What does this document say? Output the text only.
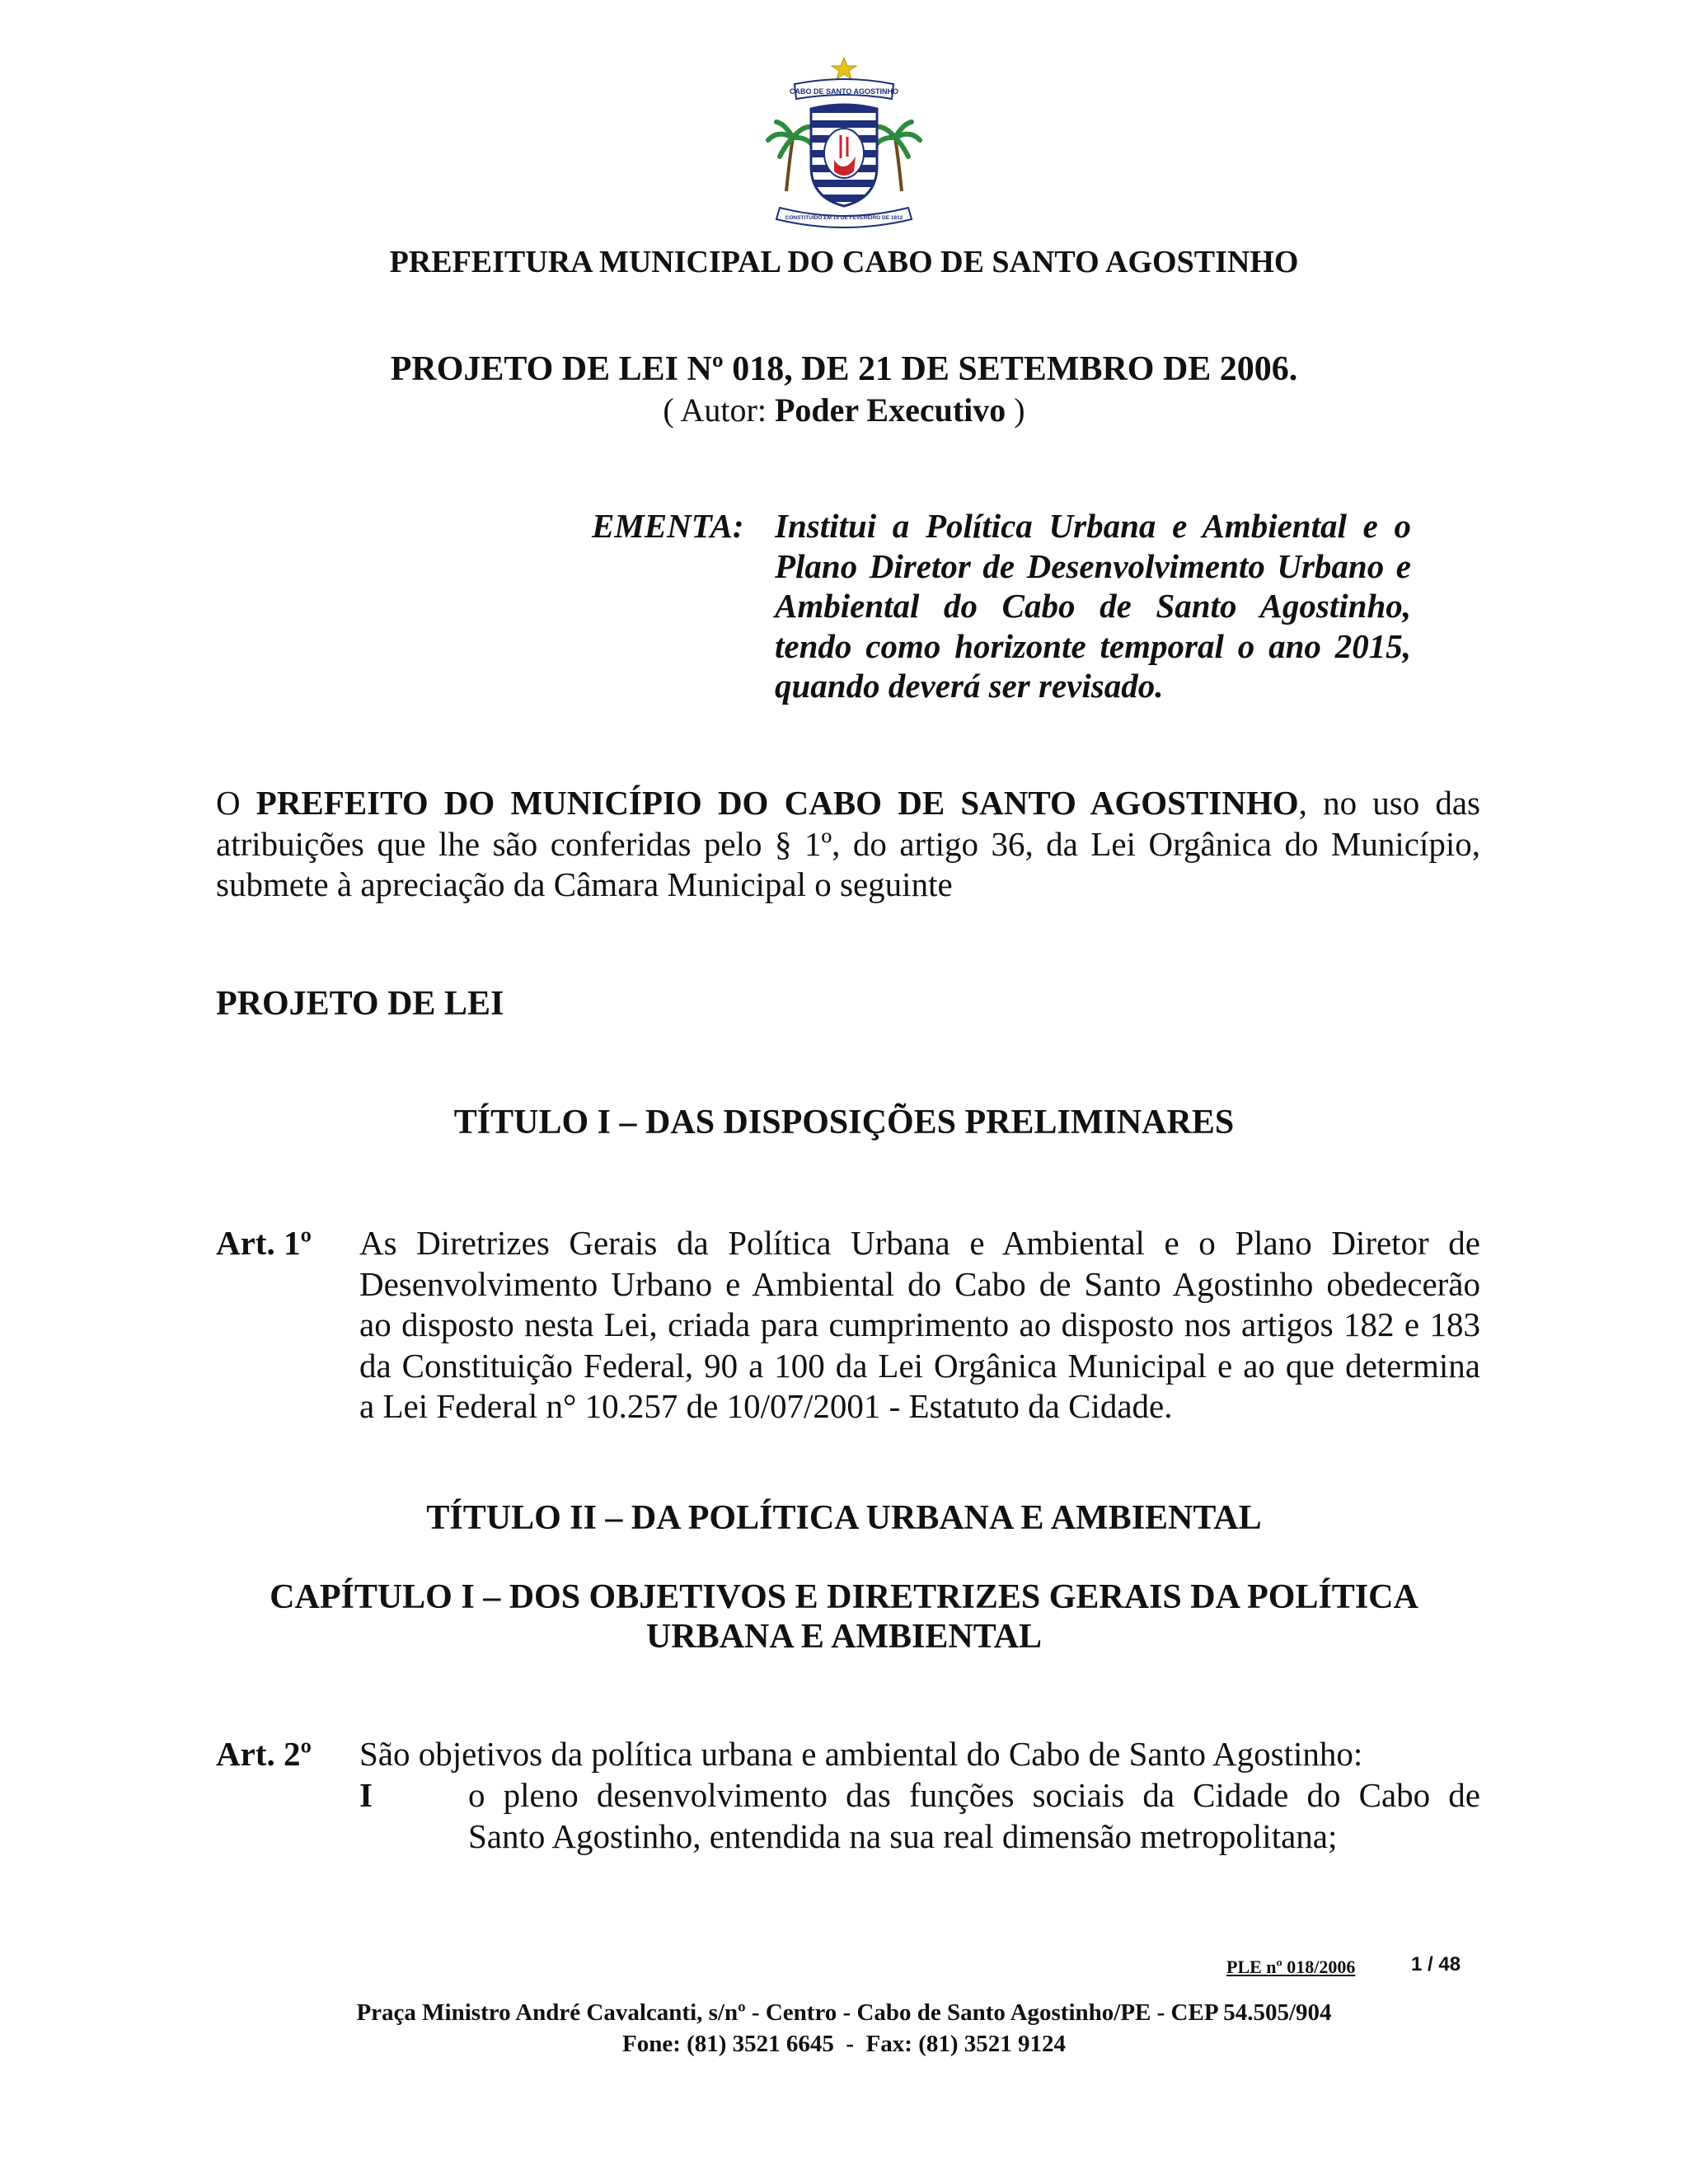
CABO DE SANTO AGOSTINHO
CONSTITUÍDO EM 15 DE FEVEREIRO DE 1812
PREFEITURA MUNICIPAL DO CABO DE SANTO AGOSTINHO
PROJETO DE LEI Nº 018, DE 21 DE SETEMBRO DE 2006.
( Autor: Poder Executivo )
EMENTA: Institui a Política Urbana e Ambiental e o
Plano Diretor de Desenvolvimento Urbano e
Ambiental do Cabo de Santo Agostinho,
tendo como horizonte temporal o ano 2015,
quando deverá ser revisado.
O PREFEITO DO MUNICÍPIO DO CABO DE SANTO AGOSTINHO, no uso das
atribuições que lhe são conferidas pelo § 1º, do artigo 36, da Lei Orgânica do Município,
submete à apreciação da Câmara Municipal o seguinte
PROJETO DE LEI
TÍTULO I – DAS DISPOSIÇÕES PRELIMINARES
Art. 1º As Diretrizes Gerais da Política Urbana e Ambiental e o Plano Diretor de
Desenvolvimento Urbano e Ambiental do Cabo de Santo Agostinho obedecerão
ao disposto nesta Lei, criada para cumprimento ao disposto nos artigos 182 e 183
da Constituição Federal, 90 a 100 da Lei Orgânica Municipal e ao que determina
a Lei Federal n° 10.257 de 10/07/2001 - Estatuto da Cidade.
TÍTULO II – DA POLÍTICA URBANA E AMBIENTAL
CAPÍTULO I – DOS OBJETIVOS E DIRETRIZES GERAIS DA POLÍTICA
URBANA E AMBIENTAL
Art. 2º São objetivos da política urbana e ambiental do Cabo de Santo Agostinho:
I	o pleno desenvolvimento das funções sociais da Cidade do Cabo de
Santo Agostinho, entendida na sua real dimensão metropolitana;
PLE nº 018/2006	1 / 48
Praça Ministro André Cavalcanti, s/nº - Centro - Cabo de Santo Agostinho/PE - CEP 54.505/904
Fone: (81) 3521 6645  -  Fax: (81) 3521 9124
